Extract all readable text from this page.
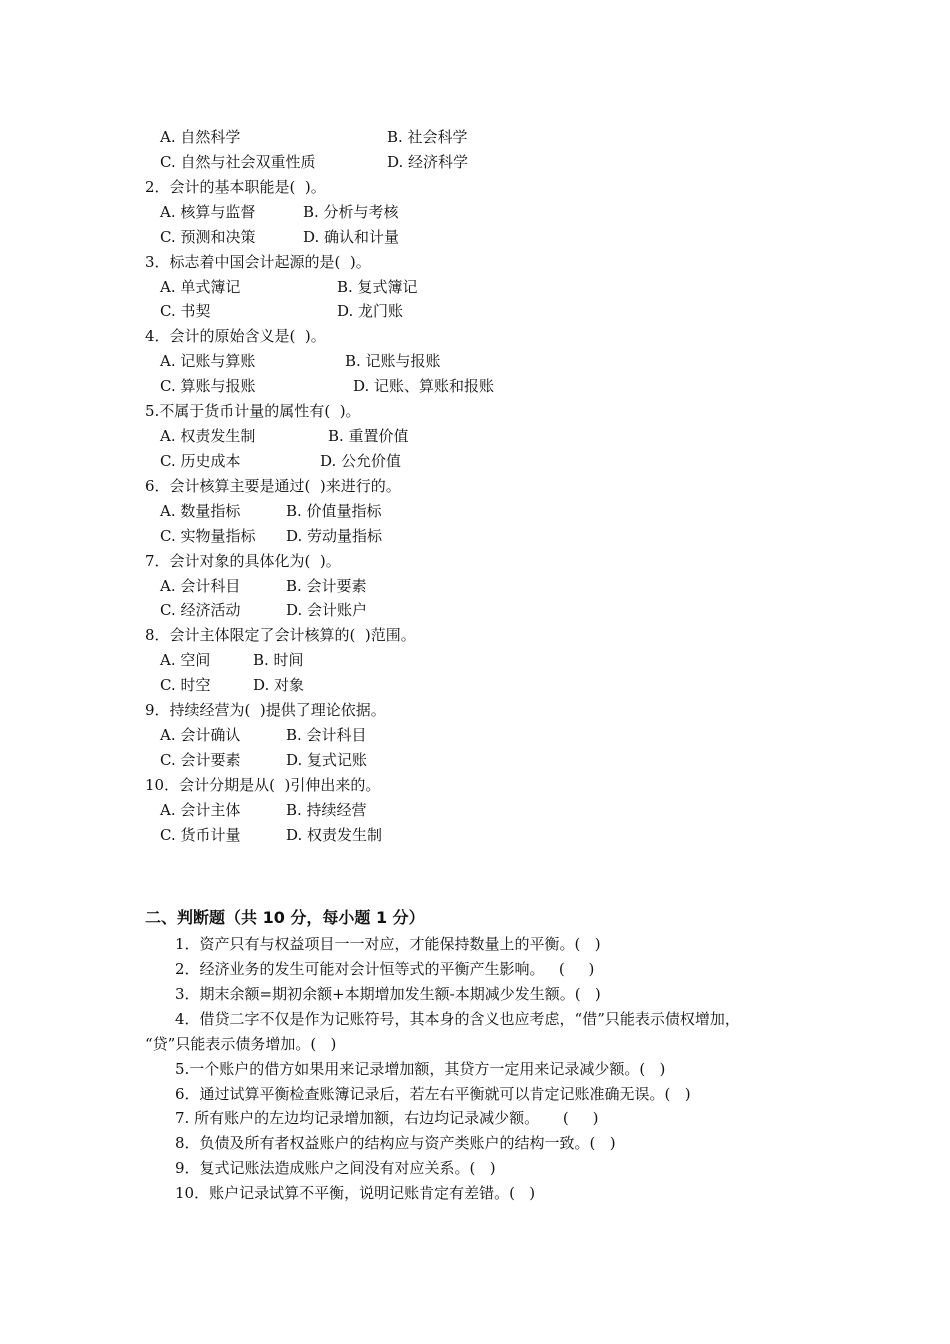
A. 自然科学	B. 社会科学
C. 自然与社会双重性质	D. 经济科学
2．会计的基本职能是(  )。
A. 核算与监督	B. 分析与考核
C. 预测和决策	D. 确认和计量
3．标志着中国会计起源的是(  )。
A. 单式簿记	B. 复式簿记
C. 书契	D. 龙门账
4．会计的原始含义是(  )。
A. 记账与算账	B. 记账与报账
C. 算账与报账	D. 记账、算账和报账
5.不属于货币计量的属性有(  )。
A. 权责发生制	B. 重置价值
C. 历史成本	D. 公允价值
6．会计核算主要是通过(  )来进行的。
A. 数量指标	B. 价值量指标
C. 实物量指标 D. 劳动量指标
7．会计对象的具体化为(  )。
A. 会计科目	B. 会计要素
C. 经济活动	D. 会计账户
8．会计主体限定了会计核算的(  )范围。
A. 空间	B. 时间
C. 时空	D. 对象
9．持续经营为(  )提供了理论依据。
A. 会计确认	B. 会计科目
C. 会计要素	D. 复式记账
10．会计分期是从(  )引伸出来的。
A. 会计主体	B. 持续经营
C. 货币计量	D. 权责发生制
二、判断题（共 10 分，每小题 1 分）
1．资产只有与权益项目一一对应，才能保持数量上的平衡。(   )
2．经济业务的发生可能对会计恒等式的平衡产生影响。   (     )
3．期末余额=期初余额+本期增加发生额-本期减少发生额。(   )
4．借贷二字不仅是作为记账符号，其本身的含义也应考虑，“借”只能表示债权增加，
“贷”只能表示债务增加。(   )
5.一个账户的借方如果用来记录增加额，其贷方一定用来记录减少额。(   )
6．通过试算平衡检查账簿记录后，若左右平衡就可以肯定记账准确无误。(   )
7. 所有账户的左边均记录增加额，右边均记录减少额。     (     )
8．负债及所有者权益账户的结构应与资产类账户的结构一致。(   )
9．复式记账法造成账户之间没有对应关系。(   )
10．账户记录试算不平衡，说明记账肯定有差错。(   )
